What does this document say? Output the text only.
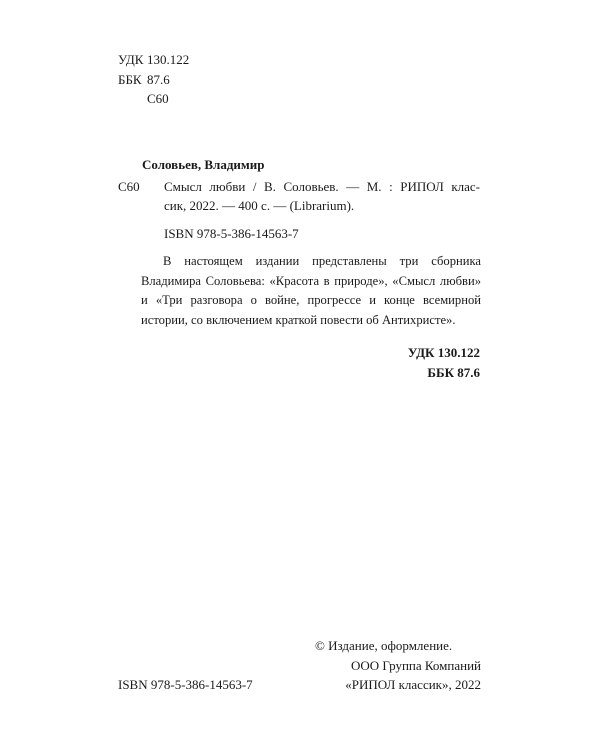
УДК 130.122
ББК 87.6
С60
Соловьев, Владимир
С60 Смысл любви / В. Соловьев. — М. : РИПОЛ клас-

сик, 2022. — 400 с. — (Librarium).

ISBN 978-5-386-14563-7

В настоящем издании представлены три сборника Владимира Соловьева: «Красота в природе», «Смысл любви» и «Три разговора о войне, прогрессе и конце всемирной истории, со включением краткой повести об Антихристе».

УДК 130.122
ББК 87.6
© Издание, оформление.
ООО Группа Компаний
«РИПОЛ классик», 2022
ISBN 978-5-386-14563-7
